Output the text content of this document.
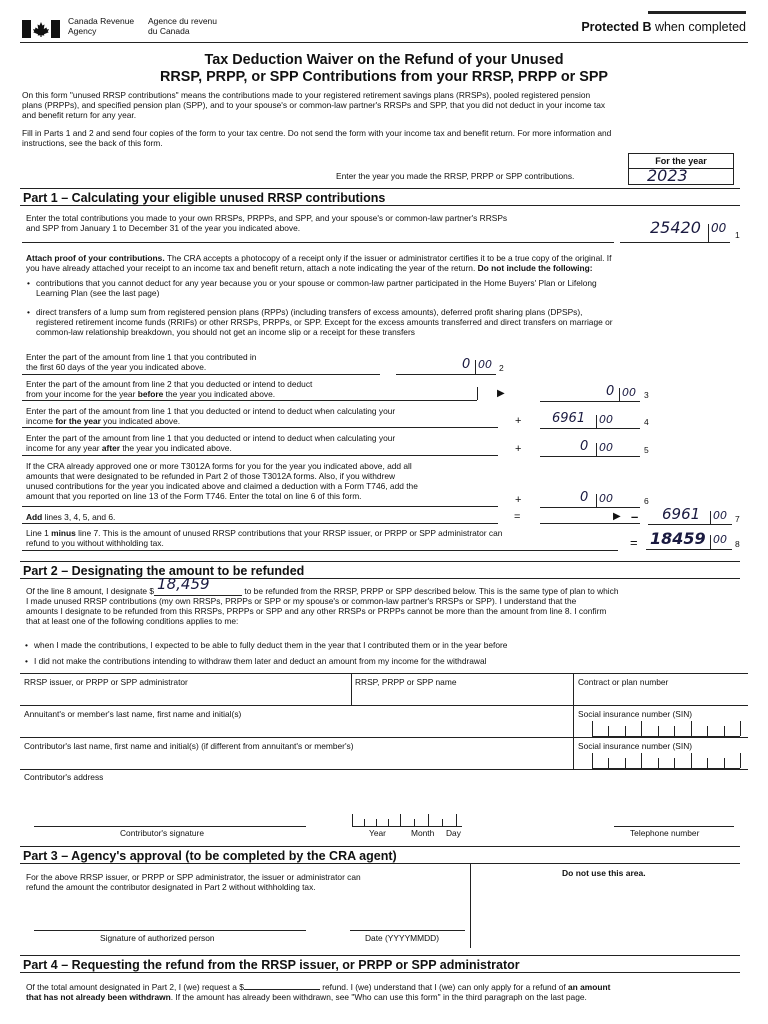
Canada Revenue
Agency
Agence du revenu
du Canada	Protected B when completed
Tax Deduction Waiver on the Refund of your Unused
RRSP, PRPP, or SPP Contributions from your RRSP, PRPP or SPP
On this form "unused RRSP contributions" means the contributions made to your registered retirement savings plans (RRSPs), pooled registered pension
plans (PRPPs), and specified pension plan (SPP), and to your spouse's or common-law partner's RRSPs and SPP, that you did not deduct in your income tax
and benefit return for any year.
Fill in Parts 1 and 2 and send four copies of the form to your tax centre. Do not send the form with your income tax and benefit return. For more information and
instructions, see the back of this form.
For the year
2023
Enter the year you made the RRSP, PRPP or SPP contributions.
Part 1 – Calculating your eligible unused RRSP contributions
Enter the total contributions you made to your own RRSPs, PRPPs, and SPP, and your spouse's or common-law partner's RRSPs
and SPP from January 1 to December 31 of the year you indicated above.	25420 00 1
Attach proof of your contributions. The CRA accepts a photocopy of a receipt only if the issuer or administrator certifies it to be a true copy of the original. If
you have already attached your receipt to an income tax and benefit return, attach a note indicating the year of the return. Do not include the following:
• contributions that you cannot deduct for any year because you or your spouse or common-law partner participated in the Home Buyers' Plan or Lifelong
Learning Plan (see the last page)
• direct transfers of a lump sum from registered pension plans (RPPs) (including transfers of excess amounts), deferred profit sharing plans (DPSPs),
registered retirement income funds (RRIFs) or other RRSPs, PRPPs, or SPP. Except for the excess amounts transferred and direct transfers on marriage or
common-law relationship breakdown, you should not get an income slip or a receipt for these transfers
Enter the part of the amount from line 1 that you contributed in
the first 60 days of the year you indicated above.	0 00 2
Enter the part of the amount from line 2 that you deducted or intend to deduct
from your income for the year before the year you indicated above.	▶	0 00 3
Enter the part of the amount from line 1 that you deducted or intend to deduct when calculating your
income for the year you indicated above.	+ 6961 00	4
Enter the part of the amount from line 1 that you deducted or intend to deduct when calculating your
income for any year after the year you indicated above.	+	0 00	5
If the CRA already approved one or more T3012A forms for you for the year you indicated above, add all
amounts that were designated to be refunded in Part 2 of those T3012A forms. Also, if you withdrew
unused contributions for the year you indicated above and claimed a deduction with a Form T746, add the
amount that you reported on line 13 of the Form T746. Enter the total on line 6 of this form.	+	0 00	6
Add lines 3, 4, 5, and 6.	=	▶ – 6961 00 7
Line 1 minus line 7. This is the amount of unused RRSP contributions that your RRSP issuer, or PRPP or SPP administrator can
refund to you without withholding tax.	= 18459 00 8
Part 2 – Designating the amount to be refunded
Of the line 8 amount, I designate $ 18,459	to be refunded from the RRSP, PRPP or SPP described below. This is the same type of plan to which
I made unused RRSP contributions (my own RRSPs, PRPPs or SPP or my spouse's or common-law partner's RRSPs or SPP). I understand that the
amounts I designate to be refunded from this RRSPs, PRPPs or SPP and any other RRSPs or PRPPs cannot be more than the amount from line 8. I confirm
that at least one of the following conditions applies to me:
• when I made the contributions, I expected to be able to fully deduct them in the year that I contributed them or in the year before
• I did not make the contributions intending to withdraw them later and deduct an amount from my income for the withdrawal
RRSP issuer, or PRPP or SPP administrator	RRSP, PRPP or SPP name	Contract or plan number
Annuitant's or member's last name, first name and initial(s)	Social insurance number (SIN)
Contributor's last name, first name and initial(s) (if different from annuitant's or member's)	Social insurance number (SIN)
Contributor's address
Contributor's signature	Year	Month Day	Telephone number
Part 3 – Agency's approval (to be completed by the CRA agent)
For the above RRSP issuer, or PRPP or SPP administrator, the issuer or administrator can
refund the amount the contributor designated in Part 2 without withholding tax.
Do not use this area.
Signature of authorized person	Date (YYYYMMDD)
Part 4 – Requesting the refund from the RRSP issuer, or PRPP or SPP administrator
Of the total amount designated in Part 2, I (we) request a $	refund. I (we) understand that I (we) can only apply for a refund of an amount
that has not already been withdrawn. If the amount has already been withdrawn, see "Who can use this form" in the third paragraph on the last page.
